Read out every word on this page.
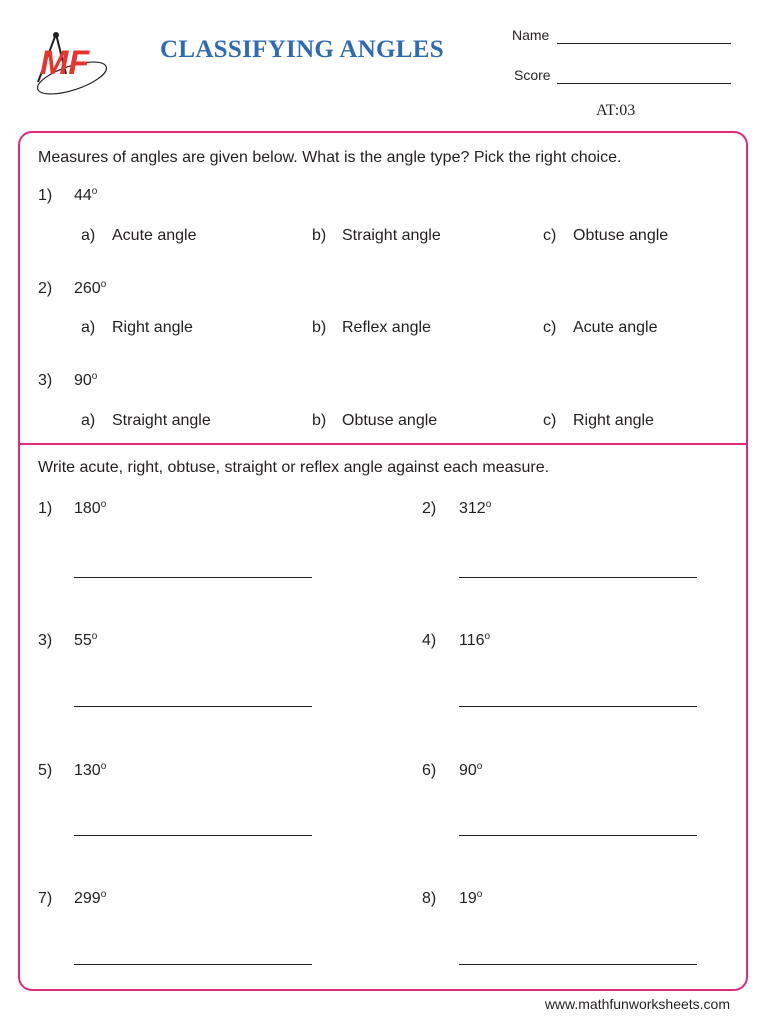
MF	CLASSIFYING ANGLES
Name
Score
AT:03
Measures of angles are given below. What is the angle type? Pick the right choice.
1) 44$^o$
a) Acute angle	b) Straight angle	c) Obtuse angle
2) 260$^o$
a) Right angle	b) Reflex angle	c) Acute angle
3) 90$^o$
a) Straight angle	b) Obtuse angle	c) Right angle
Write acute, right, obtuse, straight or reflex angle against each measure.
1) 180$^o$	2) 312$^o$
3) 55$^o$	4) 116$^o$
5) 130$^o$	6) 90$^o$
7) 299$^o$	8) 19$^o$
www.mathfunworksheets.com
